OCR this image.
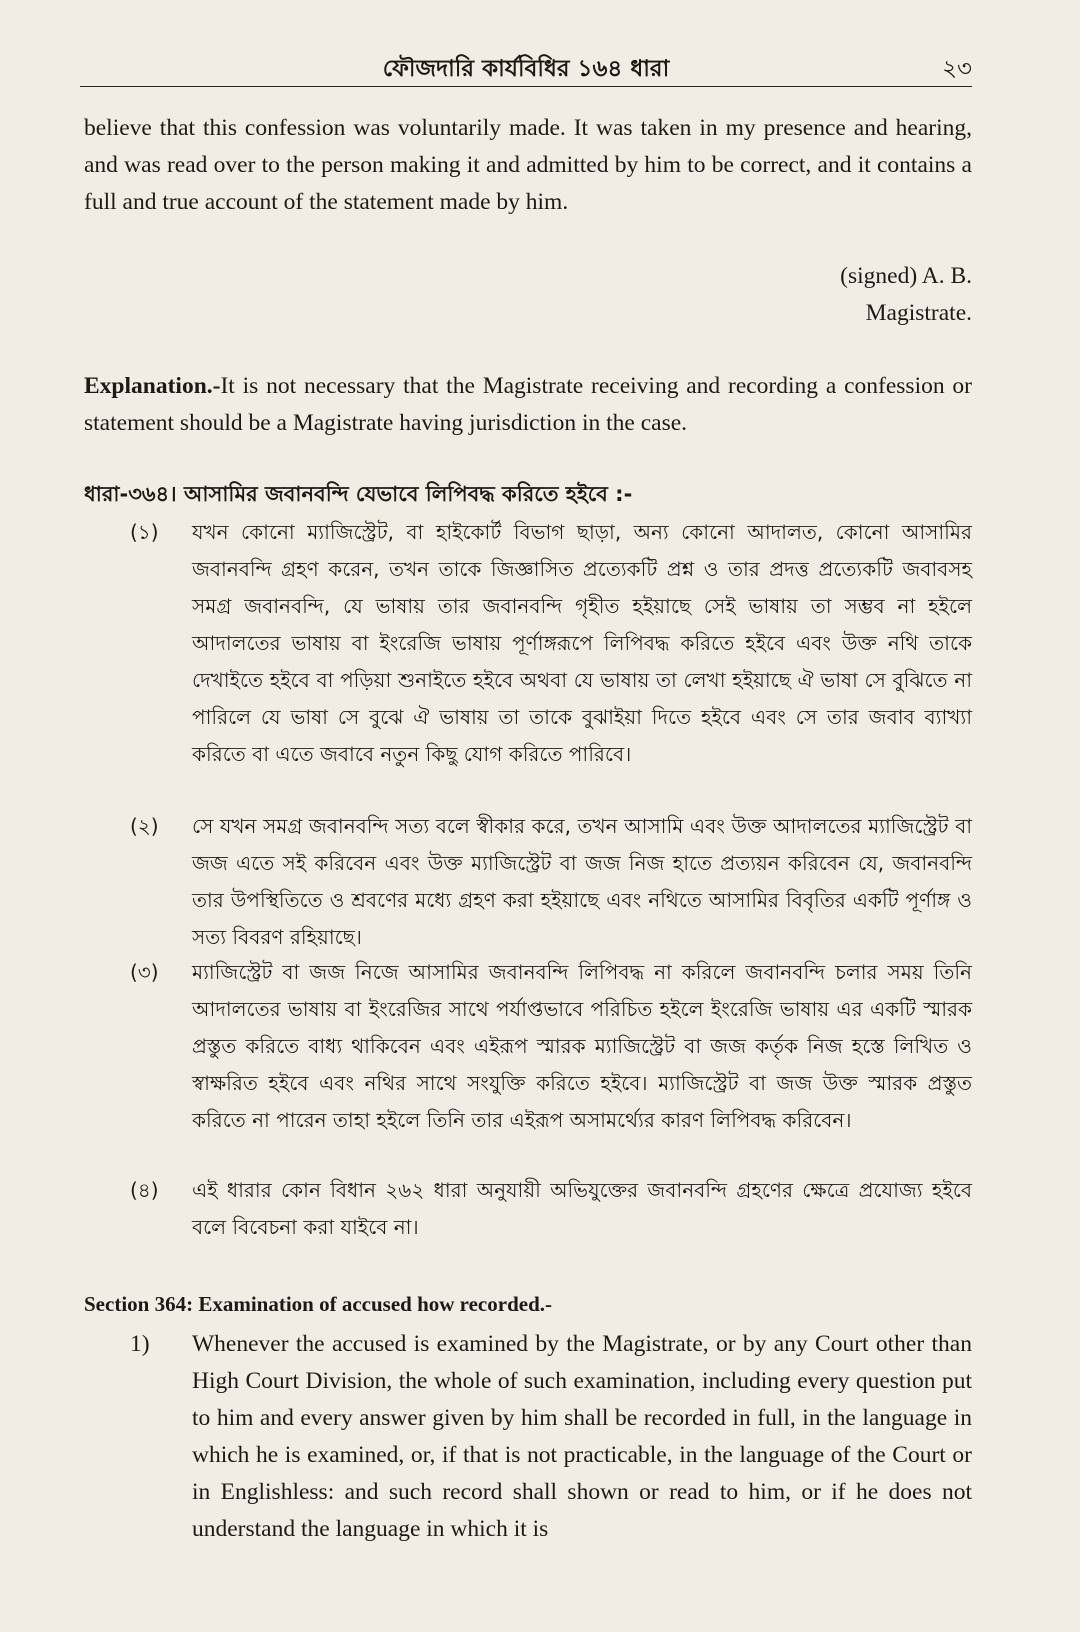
ফৌজদারি কার্যবিধির ১৬৪ ধারা	২৩
believe that this confession was voluntarily made. It was taken in my presence and hearing, and was read over to the person making it and admitted by him to be correct, and it contains a full and true account of the statement made by him.
(signed) A. B.
Magistrate.
Explanation.-It is not necessary that the Magistrate receiving and recording a confession or statement should be a Magistrate having jurisdiction in the case.
ধারা-৩৬৪। আসামির জবানবন্দি যেভাবে লিপিবদ্ধ করিতে হইবে :-
(১)	যখন কোনো ম্যাজিস্ট্রেট, বা হাইকোর্ট বিভাগ ছাড়া, অন্য কোনো আদালত, কোনো আসামির জবানবন্দি গ্রহণ করেন, তখন তাকে জিজ্ঞাসিত প্রত্যেকটি প্রশ্ন ও তার প্রদত্ত প্রত্যেকটি জবাবসহ সমগ্র জবানবন্দি, যে ভাষায় তার জবানবন্দি গৃহীত হইয়াছে সেই ভাষায় তা সম্ভব না হইলে আদালতের ভাষায় বা ইংরেজি ভাষায় পূর্ণাঙ্গরূপে লিপিবদ্ধ করিতে হইবে এবং উক্ত নথি তাকে দেখাইতে হইবে বা পড়িয়া শুনাইতে হইবে অথবা যে ভাষায় তা লেখা হইয়াছে ঐ ভাষা সে বুঝিতে না পারিলে যে ভাষা সে বুঝে ঐ ভাষায় তা তাকে বুঝাইয়া দিতে হইবে এবং সে তার জবাব ব্যাখ্যা করিতে বা এতে জবাবে নতুন কিছু যোগ করিতে পারিবে।
(২)	সে যখন সমগ্র জবানবন্দি সত্য বলে স্বীকার করে, তখন আসামি এবং উক্ত আদালতের ম্যাজিস্ট্রেট বা জজ এতে সই করিবেন এবং উক্ত ম্যাজিস্ট্রেট বা জজ নিজ হাতে প্রত্যয়ন করিবেন যে, জবানবন্দি তার উপস্থিতিতে ও শ্রবণের মধ্যে গ্রহণ করা হইয়াছে এবং নথিতে আসামির বিবৃতির একটি পূর্ণাঙ্গ ও সত্য বিবরণ রহিয়াছে।
(৩)	ম্যাজিস্ট্রেট বা জজ নিজে আসামির জবানবন্দি লিপিবদ্ধ না করিলে জবানবন্দি চলার সময় তিনি আদালতের ভাষায় বা ইংরেজির সাথে পর্যাপ্তভাবে পরিচিত হইলে ইংরেজি ভাষায় এর একটি স্মারক প্রস্তুত করিতে বাধ্য থাকিবেন এবং এইরূপ স্মারক ম্যাজিস্ট্রেট বা জজ কর্তৃক নিজ হস্তে লিখিত ও স্বাক্ষরিত হইবে এবং নথির সাথে সংযুক্তি করিতে হইবে। ম্যাজিস্ট্রেট বা জজ উক্ত স্মারক প্রস্তুত করিতে না পারেন তাহা হইলে তিনি তার এইরূপ অসামর্থ্যের কারণ লিপিবদ্ধ করিবেন।
(৪)	এই ধারার কোন বিধান ২৬২ ধারা অনুযায়ী অভিযুক্তের জবানবন্দি গ্রহণের ক্ষেত্রে প্রযোজ্য হইবে বলে বিবেচনা করা যাইবে না।
Section 364: Examination of accused how recorded.-
1)	Whenever the accused is examined by the Magistrate, or by any Court other than High Court Division, the whole of such examination, including every question put to him and every answer given by him shall be recorded in full, in the language in which he is examined, or, if that is not practicable, in the language of the Court or in Englishless: and such record shall shown or read to him, or if he does not understand the language in which it is
